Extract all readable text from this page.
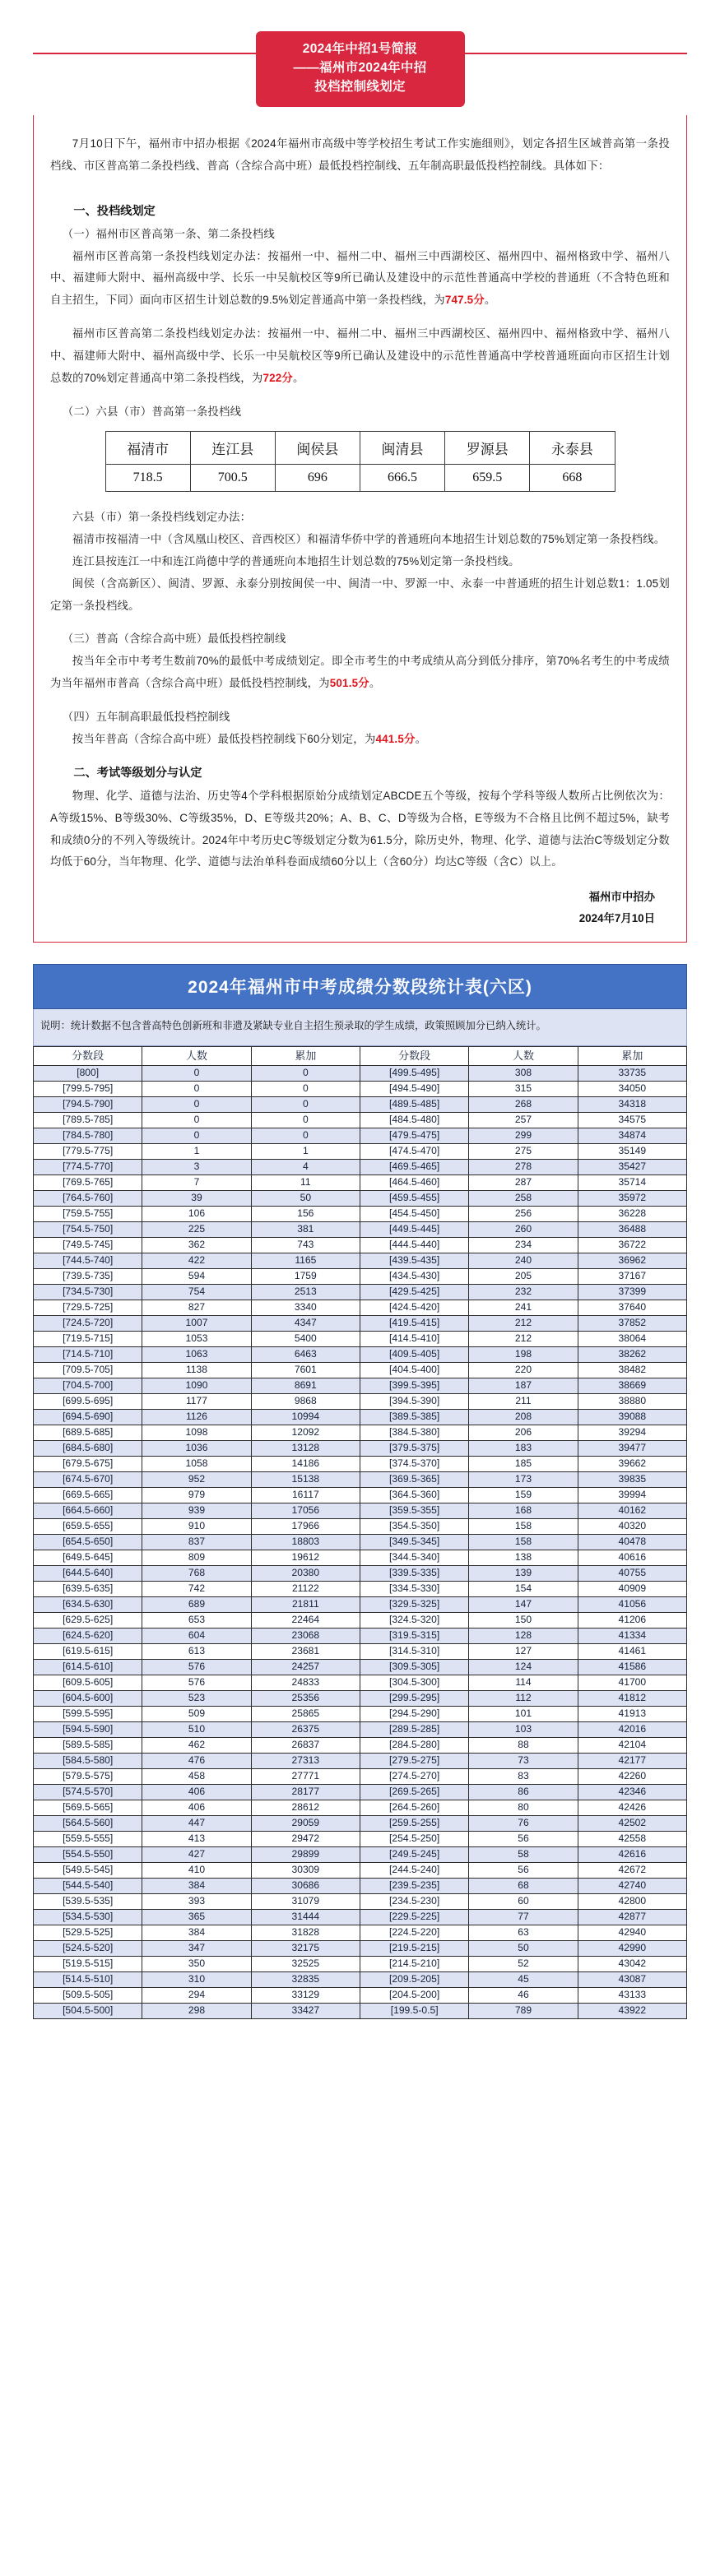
2024年中招1号简报
——福州市2024年中招
投档控制线划定

7月10日下午，福州市中招办根据《2024年福州市高级中等学校招生考试工作实施细则》，划定各招生区域普高第一条投档线、市区普高第二条投档线、普高（含综合高中班）最低投档控制线、五年制高职最低投档控制线。具体如下：

一、投档线划定

（一）福州市区普高第一条、第二条投档线

福州市区普高第一条投档线划定办法：按福州一中、福州二中、福州三中西湖校区、福州四中、福州格致中学、福州八中、福建师大附中、福州高级中学、长乐一中吴航校区等9所已确认及建设中的示范性普通高中学校的普通班（不含特色班和自主招生，下同）面向市区招生计划总数的9.5%划定普通高中第一条投档线，为747.5分。

福州市区普高第二条投档线划定办法：按福州一中、福州二中、福州三中西湖校区、福州四中、福州格致中学、福州八中、福建师大附中、福州高级中学、长乐一中吴航校区等9所已确认及建设中的示范性普通高中学校普通班面向市区招生计划总数的70%划定普通高中第二条投档线，为722分。

（二）六县（市）普高第一条投档线

福清市	连江县	闽侯县	闽清县	罗源县	永泰县
718.5	700.5	696	666.5	659.5	668

六县（市）第一条投档线划定办法：

福清市按福清一中（含凤凰山校区、音西校区）和福清华侨中学的普通班向本地招生计划总数的75%划定第一条投档线。

连江县按连江一中和连江尚德中学的普通班向本地招生计划总数的75%划定第一条投档线。

闽侯（含高新区）、闽清、罗源、永泰分别按闽侯一中、闽清一中、罗源一中、永泰一中普通班的招生计划总数1：1.05划定第一条投档线。

（三）普高（含综合高中班）最低投档控制线

按当年全市中考考生数前70%的最低中考成绩划定。即全市考生的中考成绩从高分到低分排序，第70%名考生的中考成绩为当年福州市普高（含综合高中班）最低投档控制线，为501.5分。

（四）五年制高职最低投档控制线

按当年普高（含综合高中班）最低投档控制线下60分划定，为441.5分。

二、考试等级划分与认定

物理、化学、道德与法治、历史等4个学科根据原始分成绩划定ABCDE五个等级，按每个学科等级人数所占比例依次为：A等级15%、B等级30%、C等级35%，D、E等级共20%；A、B、C、D等级为合格，E等级为不合格且比例不超过5%，缺考和成绩0分的不列入等级统计。2024年中考历史C等级划定分数为61.5分，除历史外，物理、化学、道德与法治C等级划定分数均低于60分，当年物理、化学、道德与法治单科卷面成绩60分以上（含60分）均达C等级（含C）以上。

福州市中招办
2024年7月10日
2024年福州市中考成绩分数段统计表(六区)
说明：统计数据不包含普高特色创新班和非遗及紧缺专业自主招生预录取的学生成绩，政策照顾加分已纳入统计。
分数段	人数	累加	分数段	人数	累加
[800]	0	0	[499.5-495]	308	33735
[799.5-795]	0	0	[494.5-490]	315	34050
[794.5-790]	0	0	[489.5-485]	268	34318
[789.5-785]	0	0	[484.5-480]	257	34575
[784.5-780]	0	0	[479.5-475]	299	34874
[779.5-775]	1	1	[474.5-470]	275	35149
[774.5-770]	3	4	[469.5-465]	278	35427
[769.5-765]	7	11	[464.5-460]	287	35714
[764.5-760]	39	50	[459.5-455]	258	35972
[759.5-755]	106	156	[454.5-450]	256	36228
[754.5-750]	225	381	[449.5-445]	260	36488
[749.5-745]	362	743	[444.5-440]	234	36722
[744.5-740]	422	1165	[439.5-435]	240	36962
[739.5-735]	594	1759	[434.5-430]	205	37167
[734.5-730]	754	2513	[429.5-425]	232	37399
[729.5-725]	827	3340	[424.5-420]	241	37640
[724.5-720]	1007	4347	[419.5-415]	212	37852
[719.5-715]	1053	5400	[414.5-410]	212	38064
[714.5-710]	1063	6463	[409.5-405]	198	38262
[709.5-705]	1138	7601	[404.5-400]	220	38482
[704.5-700]	1090	8691	[399.5-395]	187	38669
[699.5-695]	1177	9868	[394.5-390]	211	38880
[694.5-690]	1126	10994	[389.5-385]	208	39088
[689.5-685]	1098	12092	[384.5-380]	206	39294
[684.5-680]	1036	13128	[379.5-375]	183	39477
[679.5-675]	1058	14186	[374.5-370]	185	39662
[674.5-670]	952	15138	[369.5-365]	173	39835
[669.5-665]	979	16117	[364.5-360]	159	39994
[664.5-660]	939	17056	[359.5-355]	168	40162
[659.5-655]	910	17966	[354.5-350]	158	40320
[654.5-650]	837	18803	[349.5-345]	158	40478
[649.5-645]	809	19612	[344.5-340]	138	40616
[644.5-640]	768	20380	[339.5-335]	139	40755
[639.5-635]	742	21122	[334.5-330]	154	40909
[634.5-630]	689	21811	[329.5-325]	147	41056
[629.5-625]	653	22464	[324.5-320]	150	41206
[624.5-620]	604	23068	[319.5-315]	128	41334
[619.5-615]	613	23681	[314.5-310]	127	41461
[614.5-610]	576	24257	[309.5-305]	124	41586
[609.5-605]	576	24833	[304.5-300]	114	41700
[604.5-600]	523	25356	[299.5-295]	112	41812
[599.5-595]	509	25865	[294.5-290]	101	41913
[594.5-590]	510	26375	[289.5-285]	103	42016
[589.5-585]	462	26837	[284.5-280]	88	42104
[584.5-580]	476	27313	[279.5-275]	73	42177
[579.5-575]	458	27771	[274.5-270]	83	42260
[574.5-570]	406	28177	[269.5-265]	86	42346
[569.5-565]	406	28612	[264.5-260]	80	42426
[564.5-560]	447	29059	[259.5-255]	76	42502
[559.5-555]	413	29472	[254.5-250]	56	42558
[554.5-550]	427	29899	[249.5-245]	58	42616
[549.5-545]	410	30309	[244.5-240]	56	42672
[544.5-540]	384	30686	[239.5-235]	68	42740
[539.5-535]	393	31079	[234.5-230]	60	42800
[534.5-530]	365	31444	[229.5-225]	77	42877
[529.5-525]	384	31828	[224.5-220]	63	42940
[524.5-520]	347	32175	[219.5-215]	50	42990
[519.5-515]	350	32525	[214.5-210]	52	43042
[514.5-510]	310	32835	[209.5-205]	45	43087
[509.5-505]	294	33129	[204.5-200]	46	43133
[504.5-500]	298	33427	[199.5-0.5]	789	43922
